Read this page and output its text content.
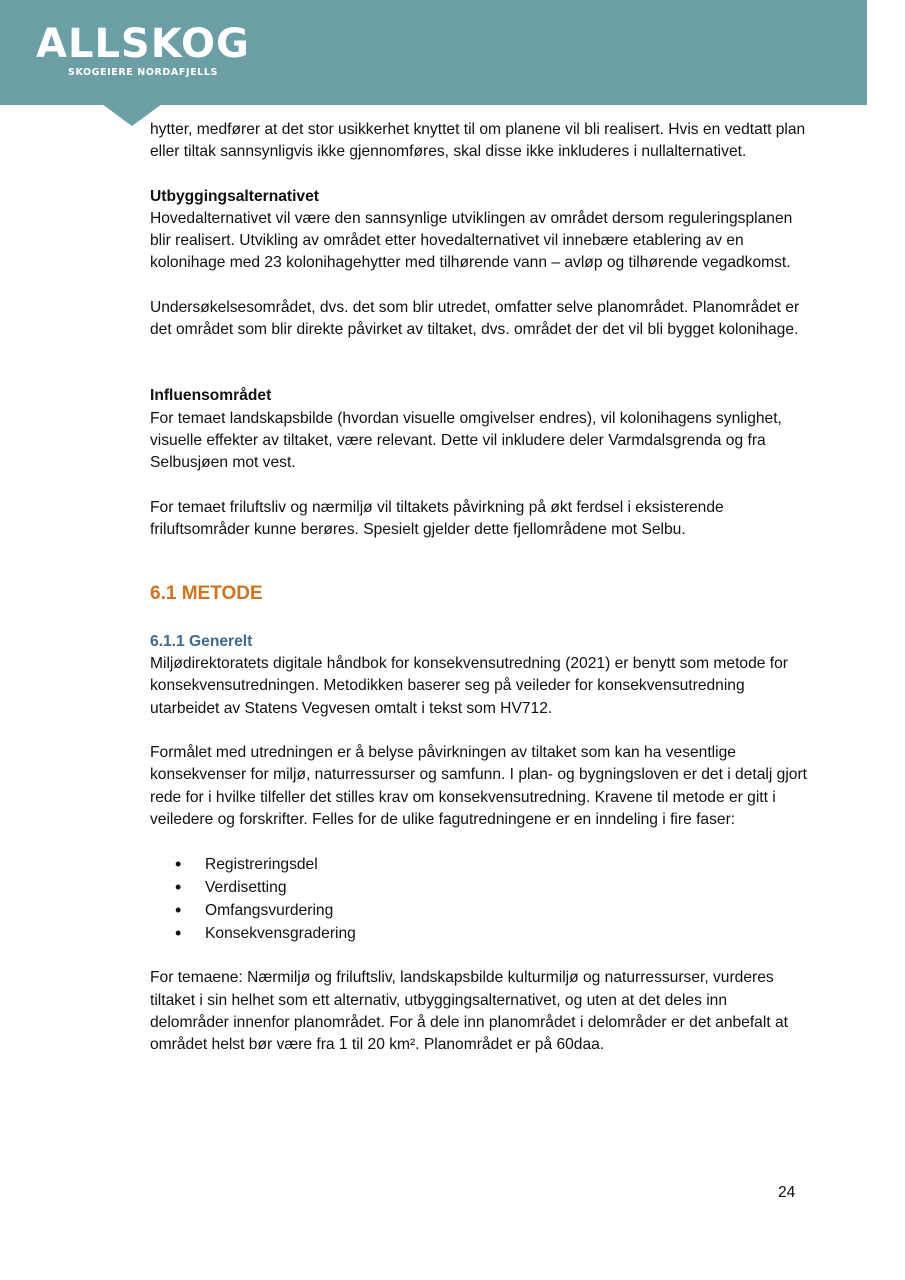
ALLSKOG
SKOGEIERE NORDAFJELLS

hytter, medfører at det stor usikkerhet knyttet til om planene vil bli realisert. Hvis en vedtatt plan eller tiltak sannsynligvis ikke gjennomføres, skal disse ikke inkluderes i nullalternativet.

Utbyggingsalternativet

Hovedalternativet vil være den sannsynlige utviklingen av området dersom reguleringsplanen blir realisert. Utvikling av området etter hovedalternativet vil innebære etablering av en kolonihage med 23 kolonihagehytter med tilhørende vann – avløp og tilhørende vegadkomst.

Undersøkelsesområdet, dvs. det som blir utredet, omfatter selve planområdet. Planområdet er det området som blir direkte påvirket av tiltaket, dvs. området der det vil bli bygget kolonihage.

Influensområdet

For temaet landskapsbilde (hvordan visuelle omgivelser endres), vil kolonihagens synlighet, visuelle effekter av tiltaket, være relevant. Dette vil inkludere deler Varmdalsgrenda og fra Selbusjøen mot vest.

For temaet friluftsliv og nærmiljø vil tiltakets påvirkning på økt ferdsel i eksisterende friluftsområder kunne berøres. Spesielt gjelder dette fjellområdene mot Selbu.

6.1 METODE
6.1.1 Generelt

Miljødirektoratets digitale håndbok for konsekvensutredning (2021) er benytt som metode for konsekvensutredningen. Metodikken baserer seg på veileder for konsekvensutredning utarbeidet av Statens Vegvesen omtalt i tekst som HV712.

Formålet med utredningen er å belyse påvirkningen av tiltaket som kan ha vesentlige konsekvenser for miljø, naturressurser og samfunn. I plan- og bygningsloven er det i detalj gjort rede for i hvilke tilfeller det stilles krav om konsekvensutredning. Kravene til metode er gitt i veiledere og forskrifter. Felles for de ulike fagutredningene er en inndeling i fire faser:

• Registreringsdel
• Verdisetting
• Omfangsvurdering
• Konsekvensgradering

For temaene: Nærmiljø og friluftsliv, landskapsbilde kulturmiljø og naturressurser, vurderes tiltaket i sin helhet som ett alternativ, utbyggingsalternativet, og uten at det deles inn delområder innenfor planområdet. For å dele inn planområdet i delområder er det anbefalt at området helst bør være fra 1 til 20 km². Planområdet er på 60daa.

24
